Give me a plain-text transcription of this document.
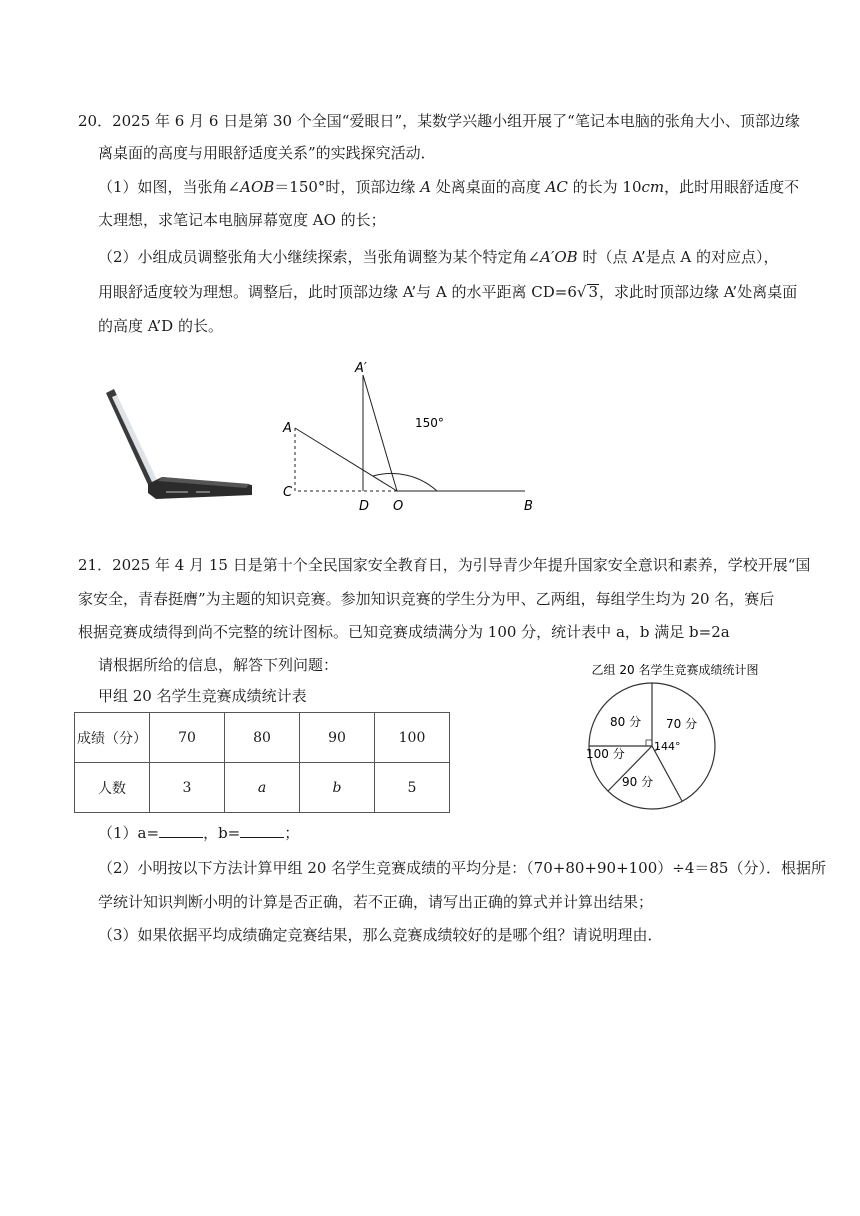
20．2025 年 6 月 6 日是第 30 个全国“爱眼日”，某数学兴趣小组开展了“笔记本电脑的张角大小、顶部边缘
离桌面的高度与用眼舒适度关系”的实践探究活动．
（1）如图，当张角∠AOB＝150°时，顶部边缘 A 处离桌面的高度 AC 的长为 10cm，此时用眼舒适度不
太理想，求笔记本电脑屏幕宽度 AO 的长；
（2）小组成员调整张角大小继续探索，当张角调整为某个特定角∠A′OB 时（点 A’是点 A 的对应点），
用眼舒适度较为理想。调整后，此时顶部边缘 A’与 A 的水平距离 CD=6√ 3，求此时顶部边缘 A’处离桌面
的高度 A’D 的长。
A′
A
C
D O	B
150°
21．2025 年 4 月 15 日是第十个全民国家安全教育日，为引导青少年提升国家安全意识和素养，学校开展“国
家安全，青春挺膺”为主题的知识竞赛。参加知识竞赛的学生分为甲、乙两组，每组学生均为 20 名，赛后
根据竞赛成绩得到尚不完整的统计图标。已知竞赛成绩满分为 100 分，统计表中 a，b 满足 b=2a
请根据所给的信息，解答下列问题：
甲组 20 名学生竞赛成绩统计表
成绩（分）	70	80	90	100
人数	3	a	b	5
乙组 20 名学生竞赛成绩统计图
80 分 70 分
100 分
90 分
144°
（1）a=	，b=	；
（2）小明按以下方法计算甲组 20 名学生竞赛成绩的平均分是：（70+80+90+100）÷4＝85（分）．根据所
学统计知识判断小明的计算是否正确，若不正确，请写出正确的算式并计算出结果；
（3）如果依据平均成绩确定竞赛结果，那么竞赛成绩较好的是哪个组？请说明理由．
